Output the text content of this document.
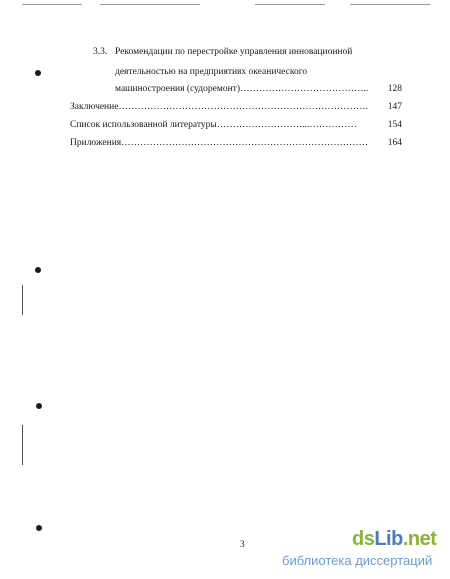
3.3. Рекомендации по перестройке управления инновационной
деятельностью на предприятиях океанического
машиностроения (судоремонт)…………………………………..	128
Заключение…………………………………………………………………….	147
Список использованной литературы………………………...……………	154
Приложения……………………………………………………………………	164
3	dsLib.net
библиотека диссертаций
